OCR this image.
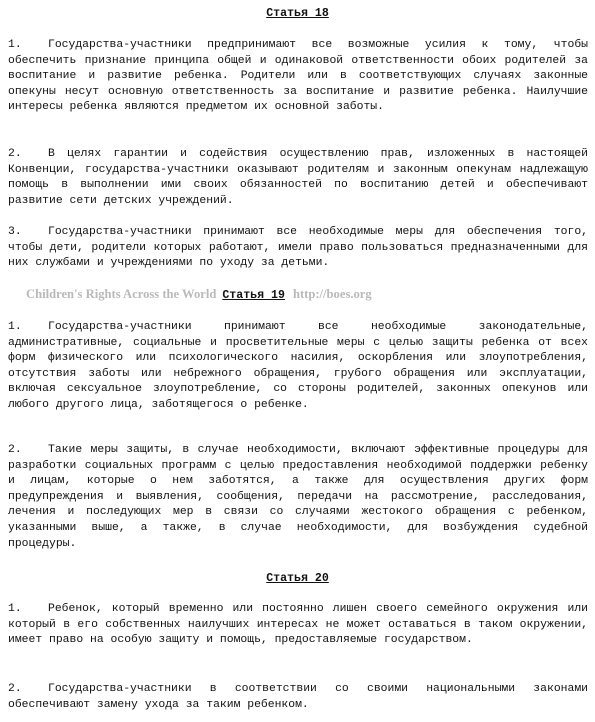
Статья 18
1. Государства-участники предпринимают все возможные усилия к тому, чтобы обеспечить признание принципа общей и одинаковой ответственности обоих родителей за воспитание и развитие ребенка. Родители или в соответствующих случаях законные опекуны несут основную ответственность за воспитание и развитие ребенка. Наилучшие интересы ребенка являются предметом их основной заботы.
2. В целях гарантии и содействия осуществлению прав, изложенных в настоящей Конвенции, государства-участники оказывают родителям и законным опекунам надлежащую помощь в выполнении ими своих обязанностей по воспитанию детей и обеспечивают развитие сети детских учреждений.
3. Государства-участники принимают все необходимые меры для обеспечения того, чтобы дети, родители которых работают, имели право пользоваться предназначенными для них службами и учреждениями по уходу за детьми.
Children's Rights Across the World Статья 19 http://boes.org
1. Государства-участники принимают все необходимые законодательные, административные, социальные и просветительные меры с целью защиты ребенка от всех форм физического или психологического насилия, оскорбления или злоупотребления, отсутствия заботы или небрежного обращения, грубого обращения или эксплуатации, включая сексуальное злоупотребление, со стороны родителей, законных опекунов или любого другого лица, заботящегося о ребенке.
2. Такие меры защиты, в случае необходимости, включают эффективные процедуры для разработки социальных программ с целью предоставления необходимой поддержки ребенку и лицам, которые о нем заботятся, а также для осуществления других форм предупреждения и выявления, сообщения, передачи на рассмотрение, расследования, лечения и последующих мер в связи со случаями жестокого обращения с ребенком, указанными выше, а также, в случае необходимости, для возбуждения судебной процедуры.
Статья 20
1. Ребенок, который временно или постоянно лишен своего семейного окружения или который в его собственных наилучших интересах не может оставаться в таком окружении, имеет право на особую защиту и помощь, предоставляемые государством.
2. Государства-участники в соответствии со своими национальными законами обеспечивают замену ухода за таким ребенком.
